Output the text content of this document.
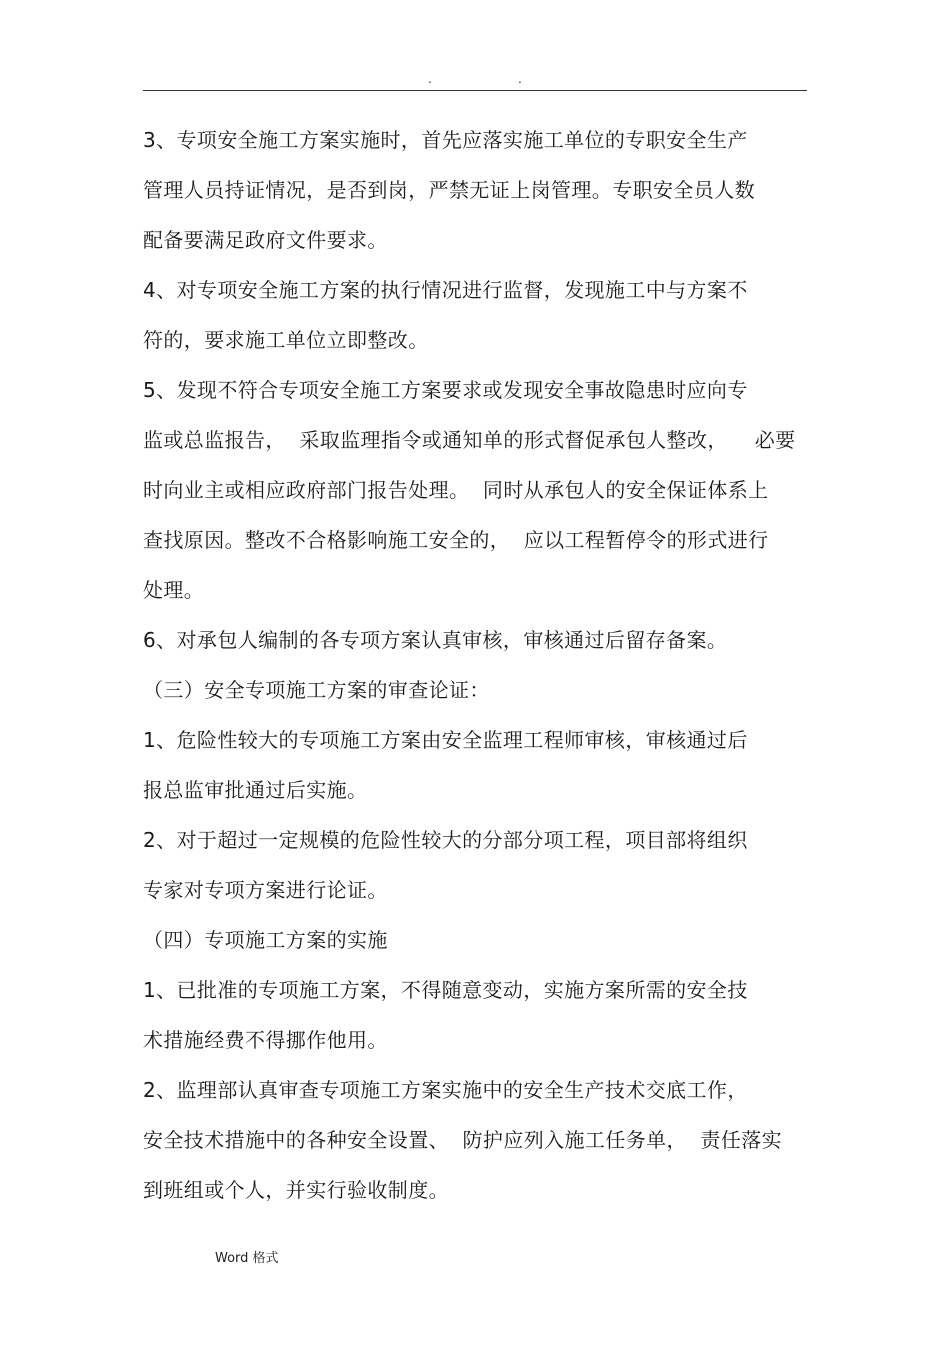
.	.
3、专项安全施工方案实施时，首先应落实施工单位的专职安全生产
管理人员持证情况，是否到岗，严禁无证上岗管理。专职安全员人数
配备要满足政府文件要求。
4、对专项安全施工方案的执行情况进行监督，发现施工中与方案不
符的，要求施工单位立即整改。
5、发现不符合专项安全施工方案要求或发现安全事故隐患时应向专
监或总监报告，  采取监理指令或通知单的形式督促承包人整改，    必要
时向业主或相应政府部门报告处理。  同时从承包人的安全保证体系上
查找原因。整改不合格影响施工安全的，  应以工程暂停令的形式进行
处理。
6、对承包人编制的各专项方案认真审核，审核通过后留存备案。
（三）安全专项施工方案的审查论证：
1、危险性较大的专项施工方案由安全监理工程师审核，审核通过后
报总监审批通过后实施。
2、对于超过一定规模的危险性较大的分部分项工程，项目部将组织
专家对专项方案进行论证。
（四）专项施工方案的实施
1、已批准的专项施工方案，不得随意变动，实施方案所需的安全技
术措施经费不得挪作他用。
2、监理部认真审查专项施工方案实施中的安全生产技术交底工作，
安全技术措施中的各种安全设置、  防护应列入施工任务单，  责任落实
到班组或个人，并实行验收制度。
Word 格式
